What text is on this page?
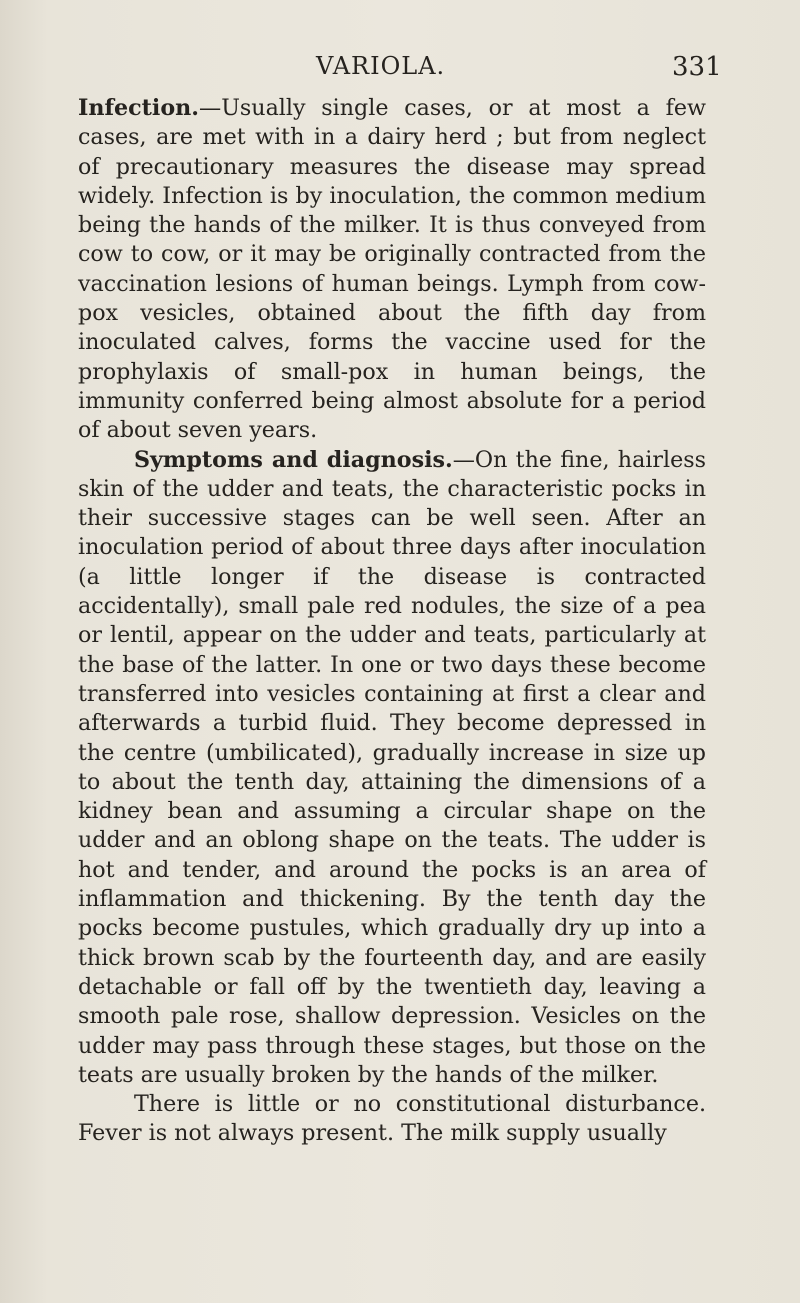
VARIOLA.	331

Infection.—Usually single cases, or at most a few cases, are met with in a dairy herd ; but from neglect of precautionary measures the disease may spread widely. Infection is by inoculation, the common medium being the hands of the milker. It is thus conveyed from cow to cow, or it may be originally contracted from the vaccination lesions of human beings. Lymph from cow-pox vesicles, obtained about the fifth day from inoculated calves, forms the vaccine used for the prophylaxis of small-pox in human beings, the immunity conferred being almost absolute for a period of about seven years.

Symptoms and diagnosis.—On the fine, hairless skin of the udder and teats, the characteristic pocks in their successive stages can be well seen. After an inoculation period of about three days after inoculation (a little longer if the disease is contracted accidentally), small pale red nodules, the size of a pea or lentil, appear on the udder and teats, particularly at the base of the latter. In one or two days these become transferred into vesicles containing at first a clear and afterwards a turbid fluid. They become depressed in the centre (umbilicated), gradually increase in size up to about the tenth day, attaining the dimensions of a kidney bean and assuming a circular shape on the udder and an oblong shape on the teats. The udder is hot and tender, and around the pocks is an area of inflammation and thickening. By the tenth day the pocks become pustules, which gradually dry up into a thick brown scab by the fourteenth day, and are easily detachable or fall off by the twentieth day, leaving a smooth pale rose, shallow depression. Vesicles on the udder may pass through these stages, but those on the teats are usually broken by the hands of the milker.

There is little or no constitutional disturbance. Fever is not always present. The milk supply usually
